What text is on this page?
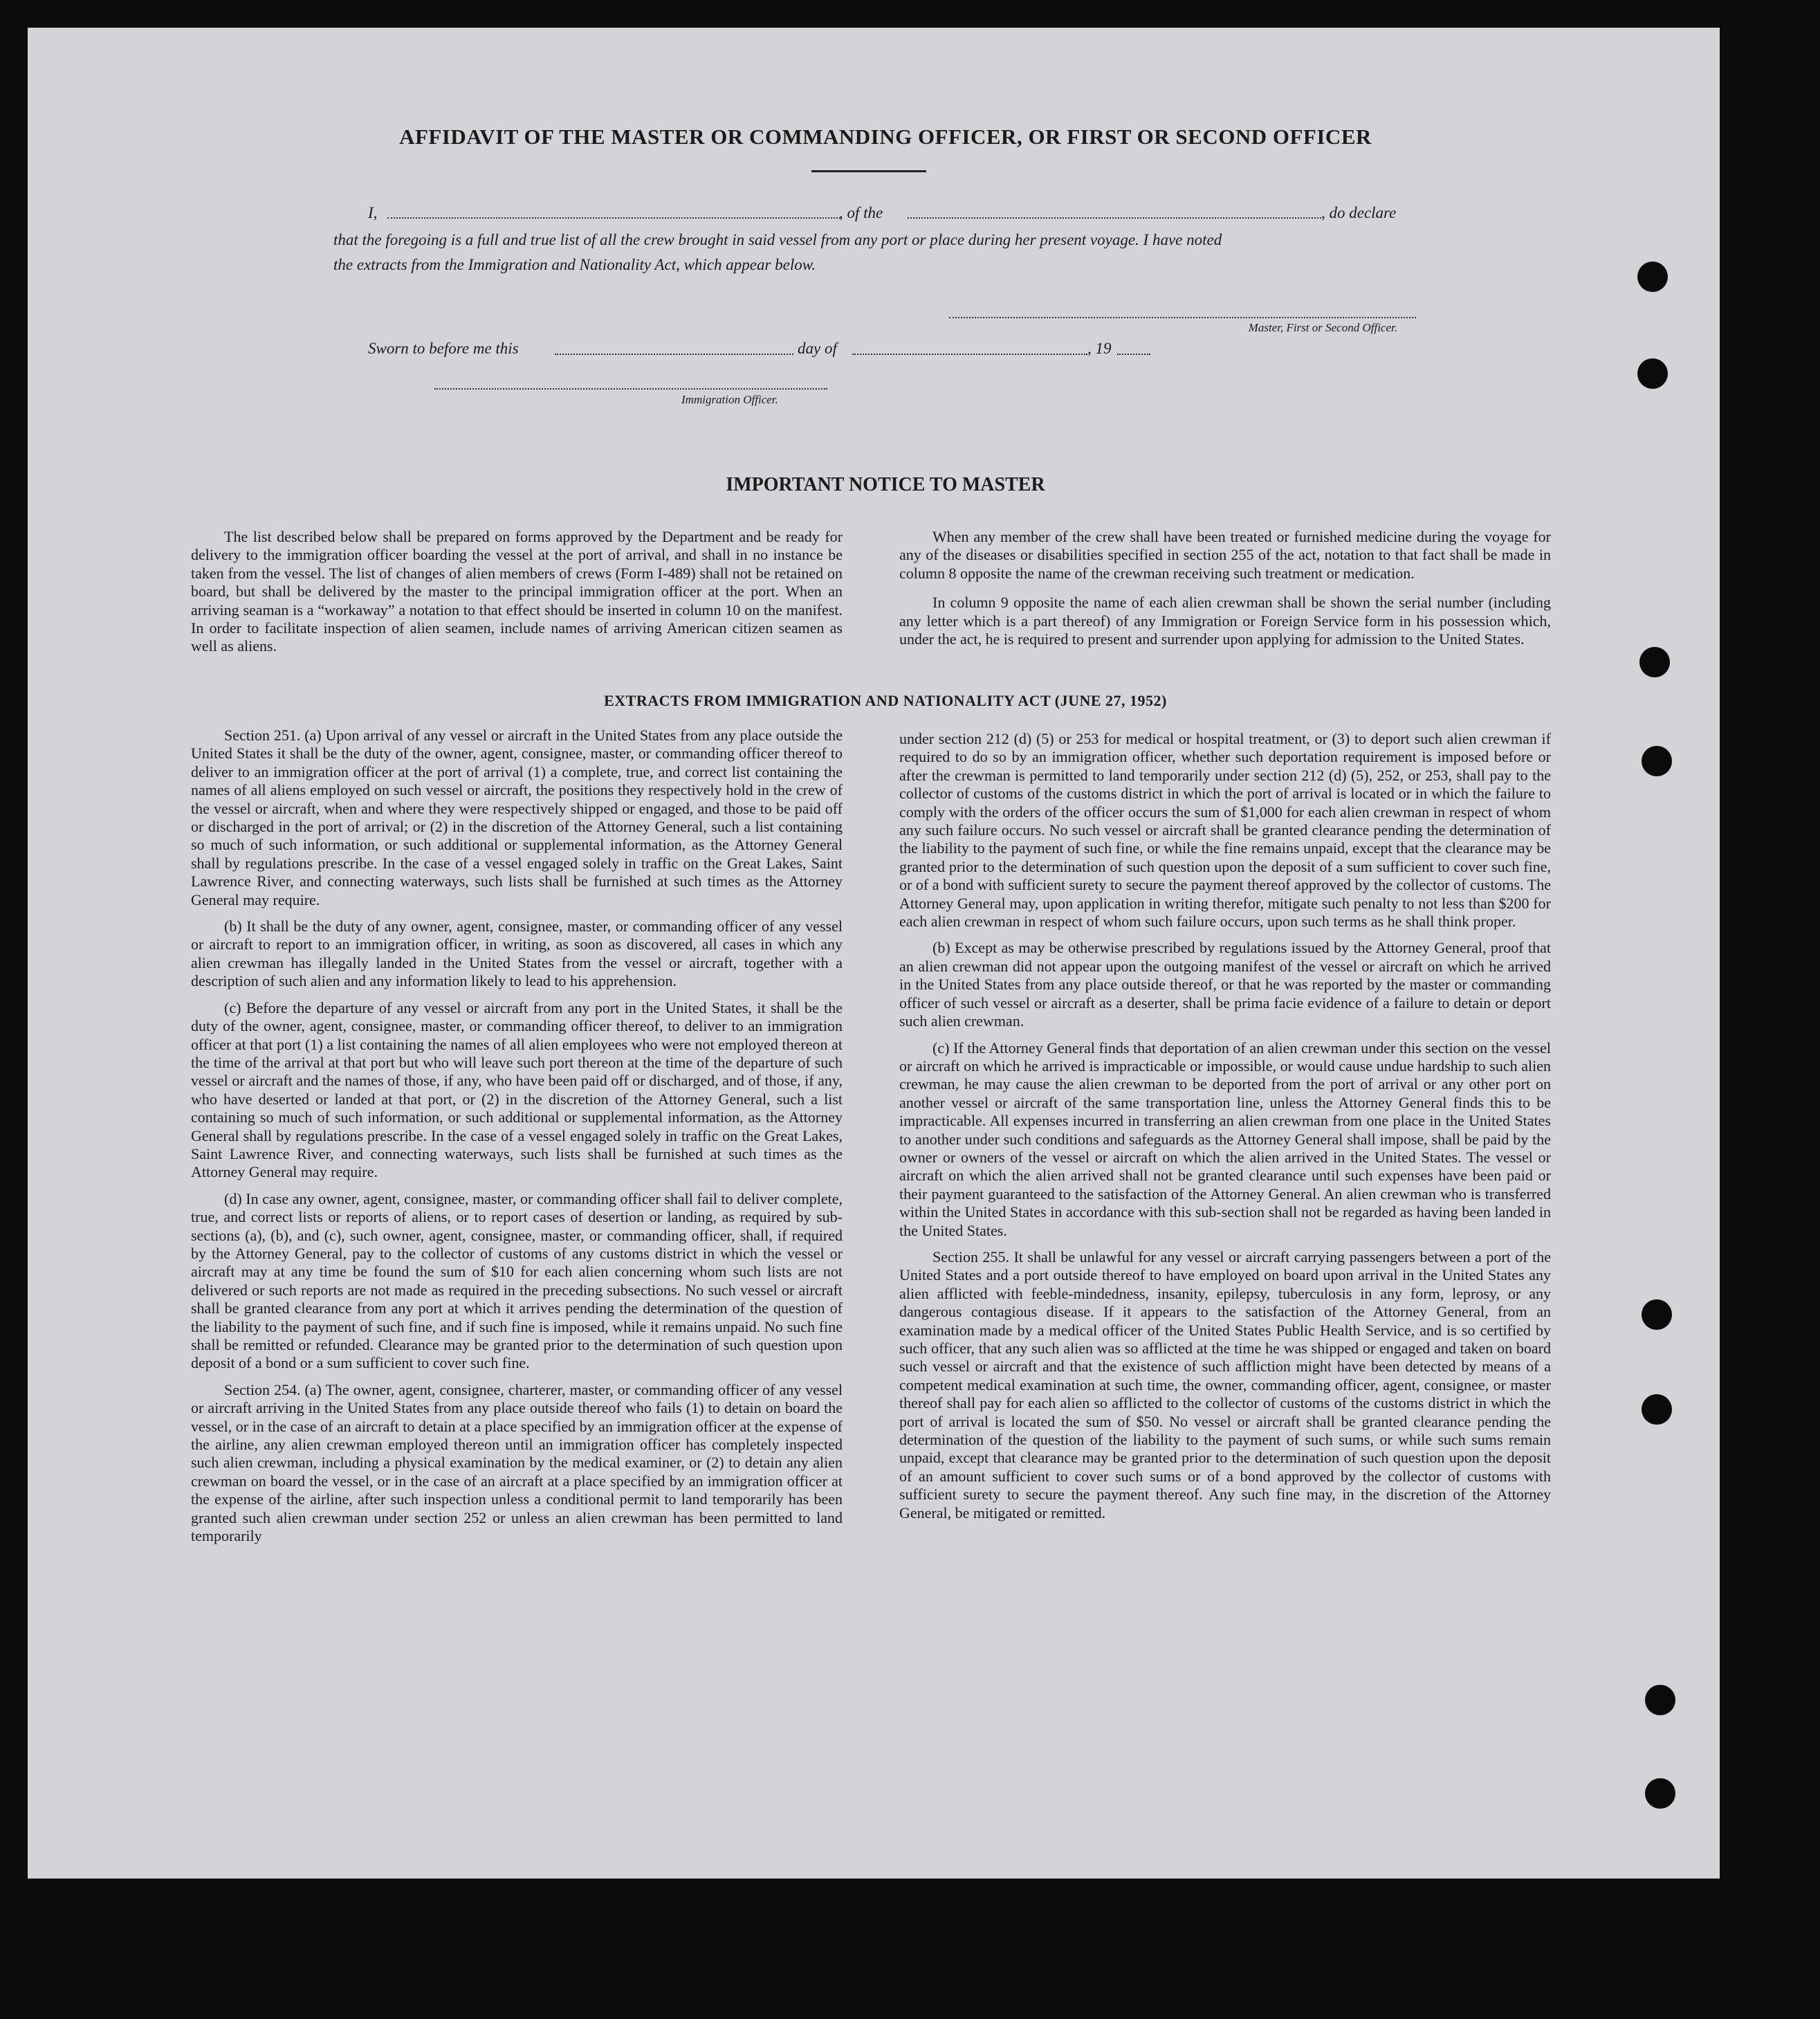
AFFIDAVIT OF THE MASTER OR COMMANDING OFFICER, OR FIRST OR SECOND OFFICER
I,	, of the	, do declare
that the foregoing is a full and true list of all the crew brought in said vessel from any port or place during her present voyage. I have noted
the extracts from the Immigration and Nationality Act, which appear below.
Master, First or Second Officer.
Sworn to before me this	day of	, 19
Immigration Officer.
IMPORTANT NOTICE TO MASTER

The list described below shall be prepared on forms approved by the Department and be ready for delivery to the immigration officer boarding the vessel at the port of arrival, and shall in no instance be taken from the vessel. The list of changes of alien members of crews (Form I-489) shall not be retained on board, but shall be delivered by the master to the principal immigration officer at the port. When an arriving seaman is a “workaway” a notation to that effect should be inserted in column 10 on the manifest. In order to facilitate inspection of alien seamen, include names of arriving American citizen seamen as well as aliens.

When any member of the crew shall have been treated or furnished medicine during the voyage for any of the diseases or disabilities specified in section 255 of the act, notation to that fact shall be made in column 8 opposite the name of the crewman receiving such treatment or medication.

In column 9 opposite the name of each alien crewman shall be shown the serial number (including any letter which is a part thereof) of any Immigration or Foreign Service form in his possession which, under the act, he is required to present and surrender upon applying for admission to the United States.

EXTRACTS FROM IMMIGRATION AND NATIONALITY ACT (JUNE 27, 1952)

Section 251. (a) Upon arrival of any vessel or aircraft in the United States from any place outside the United States it shall be the duty of the owner, agent, consignee, master, or commanding officer thereof to deliver to an immigration officer at the port of arrival (1) a complete, true, and correct list containing the names of all aliens employed on such vessel or aircraft, the positions they respectively hold in the crew of the vessel or aircraft, when and where they were respectively shipped or engaged, and those to be paid off or discharged in the port of arrival; or (2) in the discretion of the Attorney General, such a list containing so much of such information, or such additional or supplemental information, as the Attorney General shall by regulations prescribe. In the case of a vessel engaged solely in traffic on the Great Lakes, Saint Lawrence River, and connecting waterways, such lists shall be furnished at such times as the Attorney General may require.

(b) It shall be the duty of any owner, agent, consignee, master, or commanding officer of any vessel or aircraft to report to an immigration officer, in writing, as soon as discovered, all cases in which any alien crewman has illegally landed in the United States from the vessel or aircraft, together with a description of such alien and any information likely to lead to his apprehension.

(c) Before the departure of any vessel or aircraft from any port in the United States, it shall be the duty of the owner, agent, consignee, master, or commanding officer thereof, to deliver to an immigration officer at that port (1) a list containing the names of all alien employees who were not employed thereon at the time of the arrival at that port but who will leave such port thereon at the time of the departure of such vessel or aircraft and the names of those, if any, who have been paid off or discharged, and of those, if any, who have deserted or landed at that port, or (2) in the discretion of the Attorney General, such a list containing so much of such information, or such additional or supplemental information, as the Attorney General shall by regulations prescribe. In the case of a vessel engaged solely in traffic on the Great Lakes, Saint Lawrence River, and connecting waterways, such lists shall be furnished at such times as the Attorney General may require.

(d) In case any owner, agent, consignee, master, or commanding officer shall fail to deliver complete, true, and correct lists or reports of aliens, or to report cases of desertion or landing, as required by sub-sections (a), (b), and (c), such owner, agent, consignee, master, or commanding officer, shall, if required by the Attorney General, pay to the collector of customs of any customs district in which the vessel or aircraft may at any time be found the sum of $10 for each alien concerning whom such lists are not delivered or such reports are not made as required in the preceding subsections. No such vessel or aircraft shall be granted clearance from any port at which it arrives pending the determination of the question of the liability to the payment of such fine, and if such fine is imposed, while it remains unpaid. No such fine shall be remitted or refunded. Clearance may be granted prior to the determination of such question upon deposit of a bond or a sum sufficient to cover such fine.

Section 254. (a) The owner, agent, consignee, charterer, master, or commanding officer of any vessel or aircraft arriving in the United States from any place outside thereof who fails (1) to detain on board the vessel, or in the case of an aircraft to detain at a place specified by an immigration officer at the expense of the airline, any alien crewman employed thereon until an immigration officer has completely inspected such alien crewman, including a physical examination by the medical examiner, or (2) to detain any alien crewman on board the vessel, or in the case of an aircraft at a place specified by an immigration officer at the expense of the airline, after such inspection unless a conditional permit to land temporarily has been granted such alien crewman under section 252 or unless an alien crewman has been permitted to land temporarily

under section 212 (d) (5) or 253 for medical or hospital treatment, or (3) to deport such alien crewman if required to do so by an immigration officer, whether such deportation requirement is imposed before or after the crewman is permitted to land temporarily under section 212 (d) (5), 252, or 253, shall pay to the collector of customs of the customs district in which the port of arrival is located or in which the failure to comply with the orders of the officer occurs the sum of $1,000 for each alien crewman in respect of whom any such failure occurs. No such vessel or aircraft shall be granted clearance pending the determination of the liability to the payment of such fine, or while the fine remains unpaid, except that the clearance may be granted prior to the determination of such question upon the deposit of a sum sufficient to cover such fine, or of a bond with sufficient surety to secure the payment thereof approved by the collector of customs. The Attorney General may, upon application in writing therefor, mitigate such penalty to not less than $200 for each alien crewman in respect of whom such failure occurs, upon such terms as he shall think proper.

(b) Except as may be otherwise prescribed by regulations issued by the Attorney General, proof that an alien crewman did not appear upon the outgoing manifest of the vessel or aircraft on which he arrived in the United States from any place outside thereof, or that he was reported by the master or commanding officer of such vessel or aircraft as a deserter, shall be prima facie evidence of a failure to detain or deport such alien crewman.

(c) If the Attorney General finds that deportation of an alien crewman under this section on the vessel or aircraft on which he arrived is impracticable or impossible, or would cause undue hardship to such alien crewman, he may cause the alien crewman to be deported from the port of arrival or any other port on another vessel or aircraft of the same transportation line, unless the Attorney General finds this to be impracticable. All expenses incurred in transferring an alien crewman from one place in the United States to another under such conditions and safeguards as the Attorney General shall impose, shall be paid by the owner or owners of the vessel or aircraft on which the alien arrived in the United States. The vessel or aircraft on which the alien arrived shall not be granted clearance until such expenses have been paid or their payment guaranteed to the satisfaction of the Attorney General. An alien crewman who is transferred within the United States in accordance with this sub-section shall not be regarded as having been landed in the United States.

Section 255. It shall be unlawful for any vessel or aircraft carrying passengers between a port of the United States and a port outside thereof to have employed on board upon arrival in the United States any alien afflicted with feeble-mindedness, insanity, epilepsy, tuberculosis in any form, leprosy, or any dangerous contagious disease. If it appears to the satisfaction of the Attorney General, from an examination made by a medical officer of the United States Public Health Service, and is so certified by such officer, that any such alien was so afflicted at the time he was shipped or engaged and taken on board such vessel or aircraft and that the existence of such affliction might have been detected by means of a competent medical examination at such time, the owner, commanding officer, agent, consignee, or master thereof shall pay for each alien so afflicted to the collector of customs of the customs district in which the port of arrival is located the sum of $50. No vessel or aircraft shall be granted clearance pending the determination of the question of the liability to the payment of such sums, or while such sums remain unpaid, except that clearance may be granted prior to the determination of such question upon the deposit of an amount sufficient to cover such sums or of a bond approved by the collector of customs with sufficient surety to secure the payment thereof. Any such fine may, in the discretion of the Attorney General, be mitigated or remitted.
